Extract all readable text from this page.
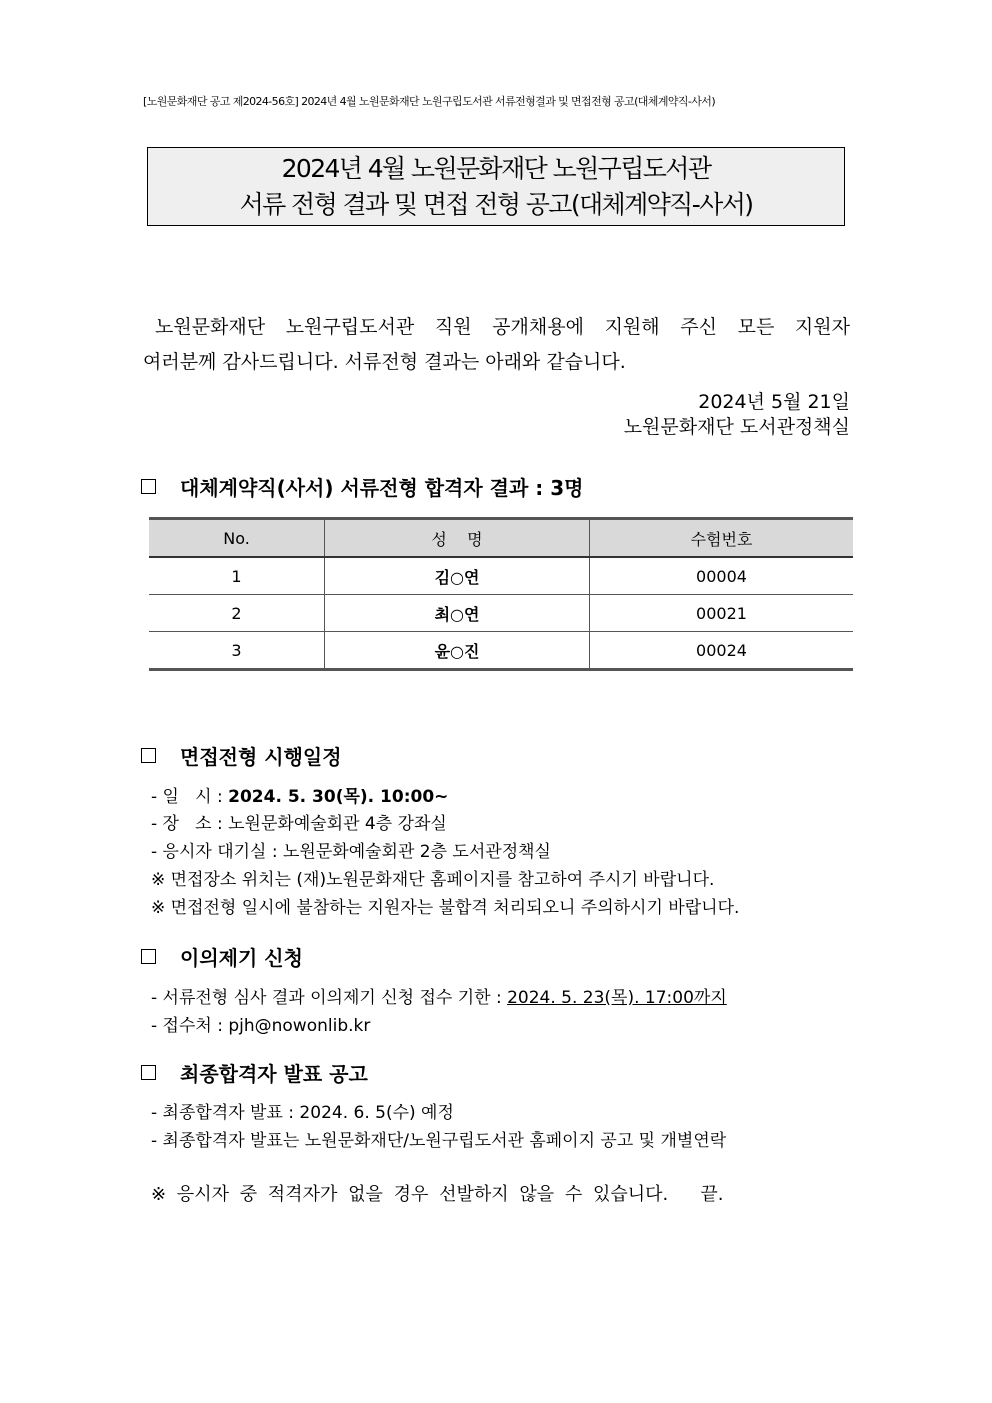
[노원문화재단 공고 제2024-56호] 2024년 4월 노원문화재단 노원구립도서관 서류전형결과 및 면접전형 공고(대체계약직-사서)
2024년 4월 노원문화재단 노원구립도서관
서류 전형 결과 및 면접 전형 공고(대체계약직-사서)
노원문화재단 노원구립도서관 직원 공개채용에 지원해 주신 모든 지원자
여러분께 감사드립니다. 서류전형 결과는 아래와 같습니다.
2024년 5월 21일
노원문화재단 도서관정책실
대체계약직(사서) 서류전형 합격자 결과 : 3명
No.	성    명	수험번호
1	김○연	00004
2	최○연	00021
3	윤○진	00024
면접전형 시행일정
- 일   시 : 2024. 5. 30(목). 10:00~
- 장   소 : 노원문화예술회관 4층 강좌실
- 응시자 대기실 : 노원문화예술회관 2층 도서관정책실
※ 면접장소 위치는 (재)노원문화재단 홈페이지를 참고하여 주시기 바랍니다.
※ 면접전형 일시에 불참하는 지원자는 불합격 처리되오니 주의하시기 바랍니다.
이의제기 신청
- 서류전형 심사 결과 이의제기 신청 접수 기한 : 2024. 5. 23(목). 17:00까지
- 접수처 : pjh@nowonlib.kr
최종합격자 발표 공고
- 최종합격자 발표 : 2024. 6. 5(수) 예정
- 최종합격자 발표는 노원문화재단/노원구립도서관 홈페이지 공고 및 개별연락
※ 응시자 중 적격자가 없을 경우 선발하지 않을 수 있습니다.   끝.
